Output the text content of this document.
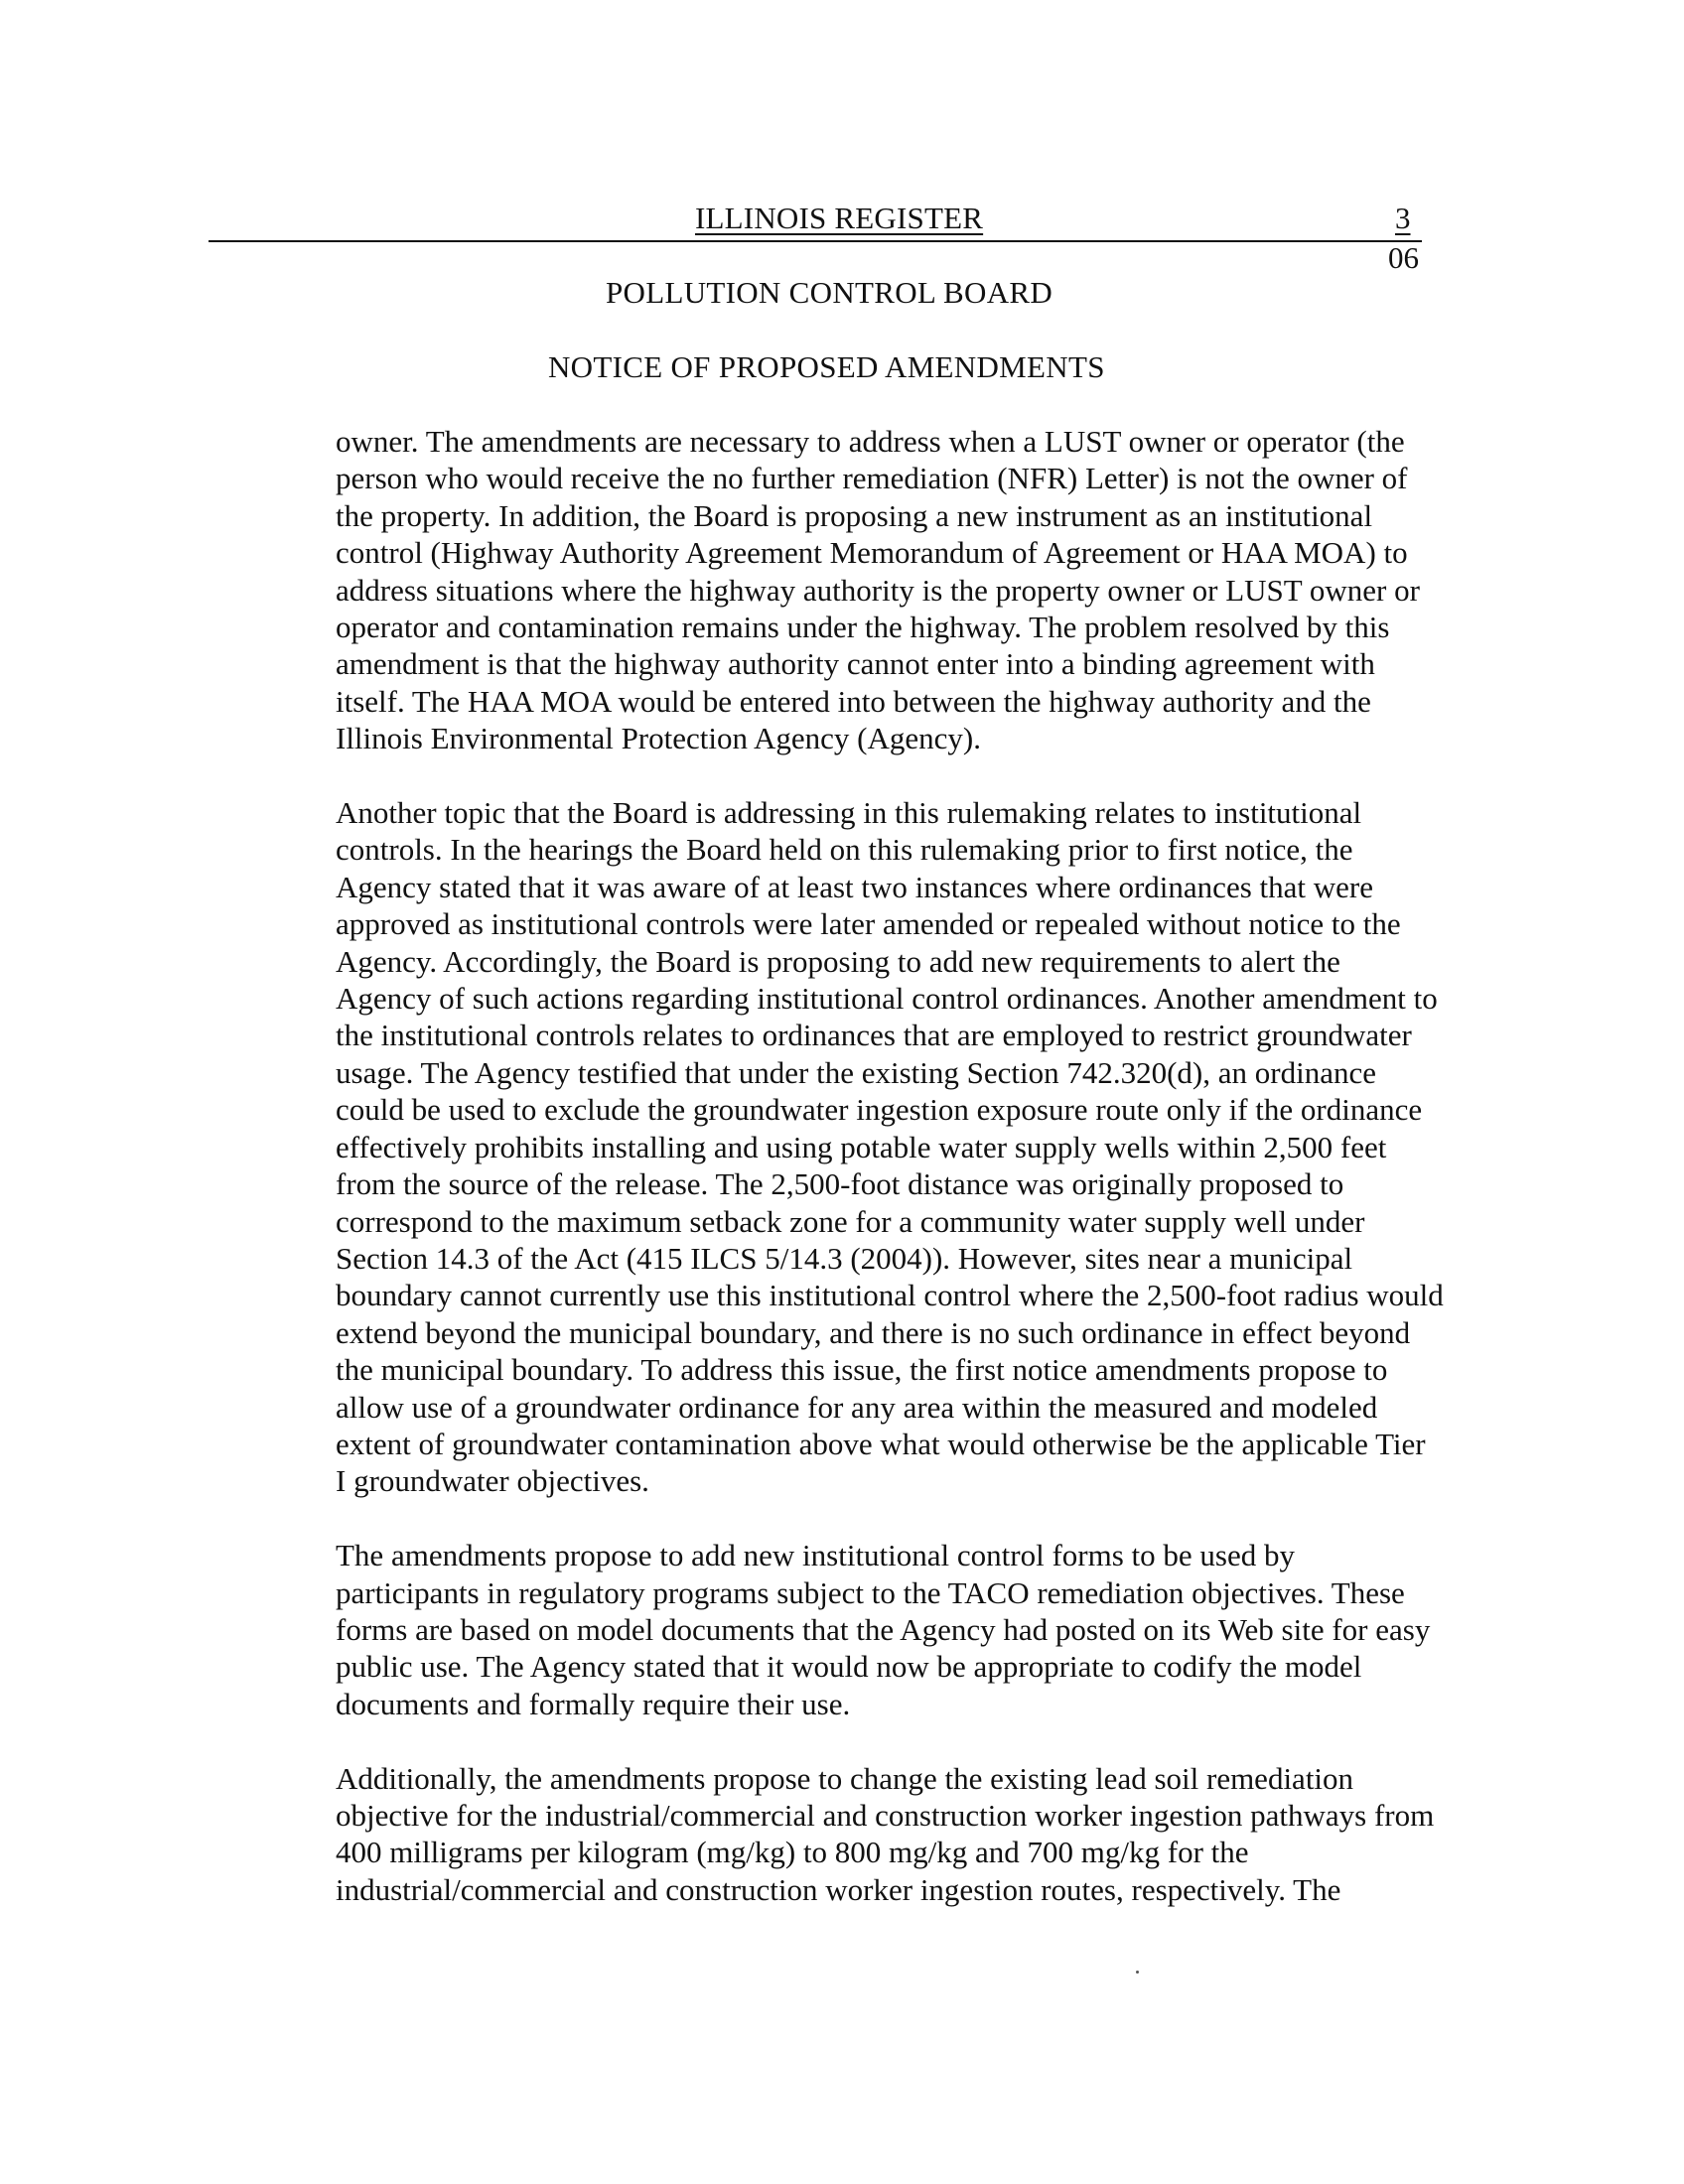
ILLINOIS REGISTER	3
06
POLLUTION CONTROL BOARD
NOTICE OF PROPOSED AMENDMENTS

owner. The amendments are necessary to address when a LUST owner or operator (the
person who would receive the no further remediation (NFR) Letter) is not the owner of
the property. In addition, the Board is proposing a new instrument as an institutional
control (Highway Authority Agreement Memorandum of Agreement or HAA MOA) to
address situations where the highway authority is the property owner or LUST owner or
operator and contamination remains under the highway. The problem resolved by this
amendment is that the highway authority cannot enter into a binding agreement with
itself. The HAA MOA would be entered into between the highway authority and the
Illinois Environmental Protection Agency (Agency).

Another topic that the Board is addressing in this rulemaking relates to institutional
controls. In the hearings the Board held on this rulemaking prior to first notice, the
Agency stated that it was aware of at least two instances where ordinances that were
approved as institutional controls were later amended or repealed without notice to the
Agency. Accordingly, the Board is proposing to add new requirements to alert the
Agency of such actions regarding institutional control ordinances. Another amendment to
the institutional controls relates to ordinances that are employed to restrict groundwater
usage. The Agency testified that under the existing Section 742.320(d), an ordinance
could be used to exclude the groundwater ingestion exposure route only if the ordinance
effectively prohibits installing and using potable water supply wells within 2,500 feet
from the source of the release. The 2,500-foot distance was originally proposed to
correspond to the maximum setback zone for a community water supply well under
Section 14.3 of the Act (415 ILCS 5/14.3 (2004)). However, sites near a municipal
boundary cannot currently use this institutional control where the 2,500-foot radius would
extend beyond the municipal boundary, and there is no such ordinance in effect beyond
the municipal boundary. To address this issue, the first notice amendments propose to
allow use of a groundwater ordinance for any area within the measured and modeled
extent of groundwater contamination above what would otherwise be the applicable Tier
I groundwater objectives.

The amendments propose to add new institutional control forms to be used by
participants in regulatory programs subject to the TACO remediation objectives. These
forms are based on model documents that the Agency had posted on its Web site for easy
public use. The Agency stated that it would now be appropriate to codify the model
documents and formally require their use.

Additionally, the amendments propose to change the existing lead soil remediation
objective for the industrial/commercial and construction worker ingestion pathways from
400 milligrams per kilogram (mg/kg) to 800 mg/kg and 700 mg/kg for the
industrial/commercial and construction worker ingestion routes, respectively. The
